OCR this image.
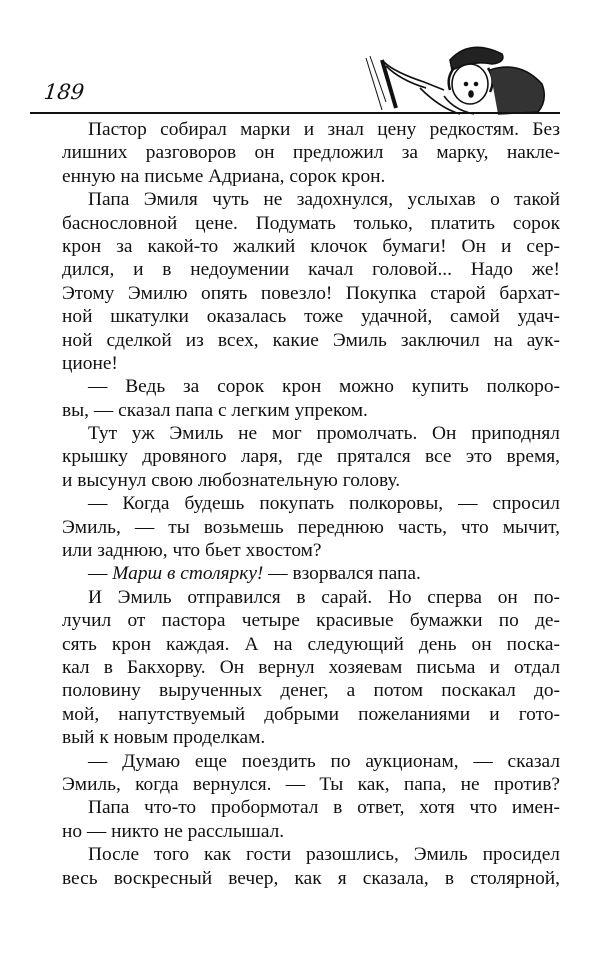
189
Пастор собирал марки и знал цену редкостям. Без
лишних разговоров он предложил за марку, накле-
енную на письме Адриана, сорок крон.
Папа Эмиля чуть не задохнулся, услыхав о такой
баснословной цене. Подумать только, платить сорок
крон за какой-то жалкий клочок бумаги! Он и сер-
дился, и в недоумении качал головой... Надо же!
Этому Эмилю опять повезло! Покупка старой бархат-
ной шкатулки оказалась тоже удачной, самой удач-
ной сделкой из всех, какие Эмиль заключил на аук-
ционе!
— Ведь за сорок крон можно купить полкоро-
вы, — сказал папа с легким упреком.
Тут уж Эмиль не мог промолчать. Он приподнял
крышку дровяного ларя, где прятался все это время,
и высунул свою любознательную голову.
— Когда будешь покупать полкоровы, — спросил
Эмиль, — ты возьмешь переднюю часть, что мычит,
или заднюю, что бьет хвостом?
— Марш в столярку! — взорвался папа.
И Эмиль отправился в сарай. Но сперва он по-
лучил от пастора четыре красивые бумажки по де-
сять крон каждая. А на следующий день он поска-
кал в Бакхорву. Он вернул хозяевам письма и отдал
половину вырученных денег, а потом поскакал до-
мой, напутствуемый добрыми пожеланиями и гото-
вый к новым проделкам.
— Думаю еще поездить по аукционам, — сказал
Эмиль, когда вернулся. — Ты как, папа, не против?
Папа что-то пробормотал в ответ, хотя что имен-
но — никто не расслышал.
После того как гости разошлись, Эмиль просидел
весь воскресный вечер, как я сказала, в столярной,
